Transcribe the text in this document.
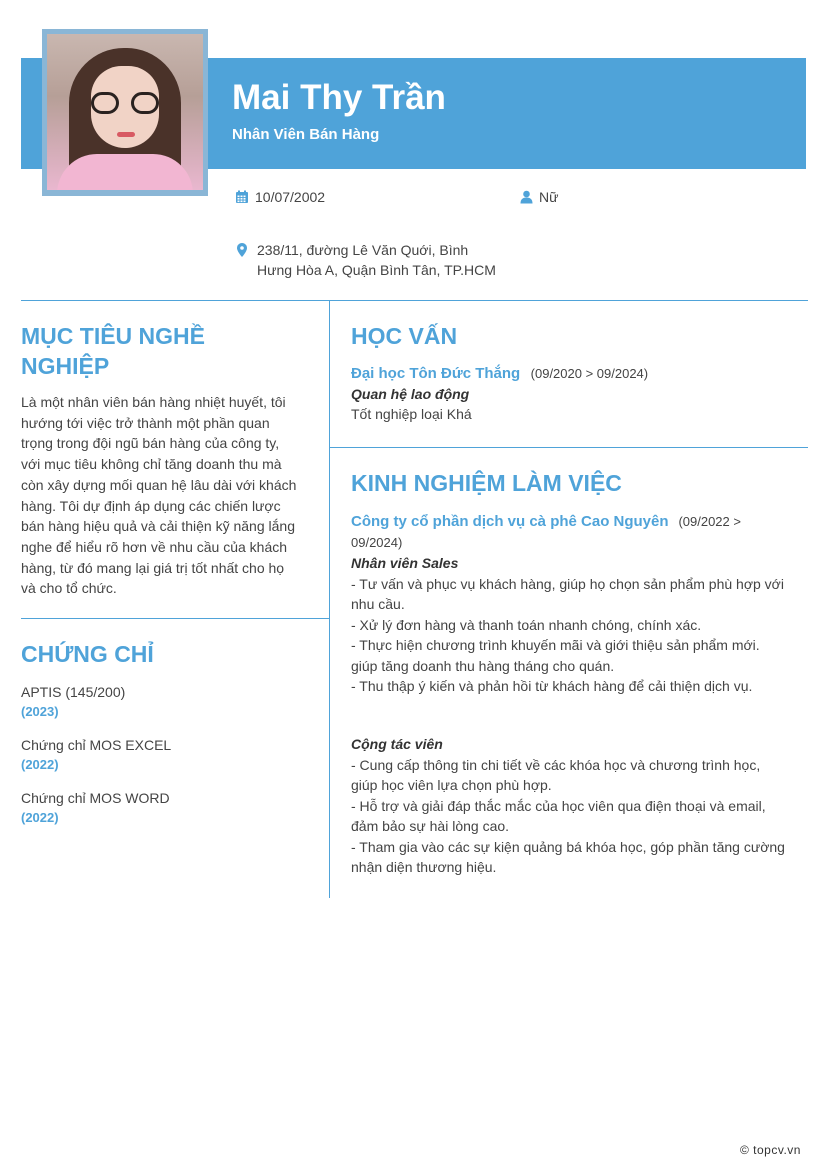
Mai Thy Trần
Nhân Viên Bán Hàng
10/07/2002	Nữ
238/11, đường Lê Văn Quới, Bình
Hưng Hòa A, Quận Bình Tân, TP.HCM
MỤC TIÊU NGHỀ
NGHIỆP
Là một nhân viên bán hàng nhiệt huyết, tôi
hướng tới việc trở thành một phần quan
trọng trong đội ngũ bán hàng của công ty,
với mục tiêu không chỉ tăng doanh thu mà
còn xây dựng mối quan hệ lâu dài với khách
hàng. Tôi dự định áp dụng các chiến lược
bán hàng hiệu quả và cải thiện kỹ năng lắng
nghe để hiểu rõ hơn về nhu cầu của khách
hàng, từ đó mang lại giá trị tốt nhất cho họ
và cho tổ chức.
CHỨNG CHỈ
APTIS (145/200)
(2023)
Chứng chỉ MOS EXCEL
(2022)
Chứng chỉ MOS WORD
(2022)
HỌC VẤN
Đại học Tôn Đức Thắng (09/2020 > 09/2024)
Quan hệ lao động
Tốt nghiệp loại Khá
KINH NGHIỆM LÀM VIỆC
Công ty cổ phần dịch vụ cà phê Cao Nguyên (09/2022 >
09/2024)
Nhân viên Sales
- Tư vấn và phục vụ khách hàng, giúp họ chọn sản phẩm phù hợp với
nhu cầu.
- Xử lý đơn hàng và thanh toán nhanh chóng, chính xác.
- Thực hiện chương trình khuyến mãi và giới thiệu sản phẩm mới.
giúp tăng doanh thu hàng tháng cho quán.
- Thu thập ý kiến và phản hồi từ khách hàng để cải thiện dịch vụ.
Cộng tác viên
- Cung cấp thông tin chi tiết về các khóa học và chương trình học,
giúp học viên lựa chọn phù hợp.
- Hỗ trợ và giải đáp thắc mắc của học viên qua điện thoại và email,
đảm bảo sự hài lòng cao.
- Tham gia vào các sự kiện quảng bá khóa học, góp phần tăng cường
nhận diện thương hiệu.
© topcv.vn
